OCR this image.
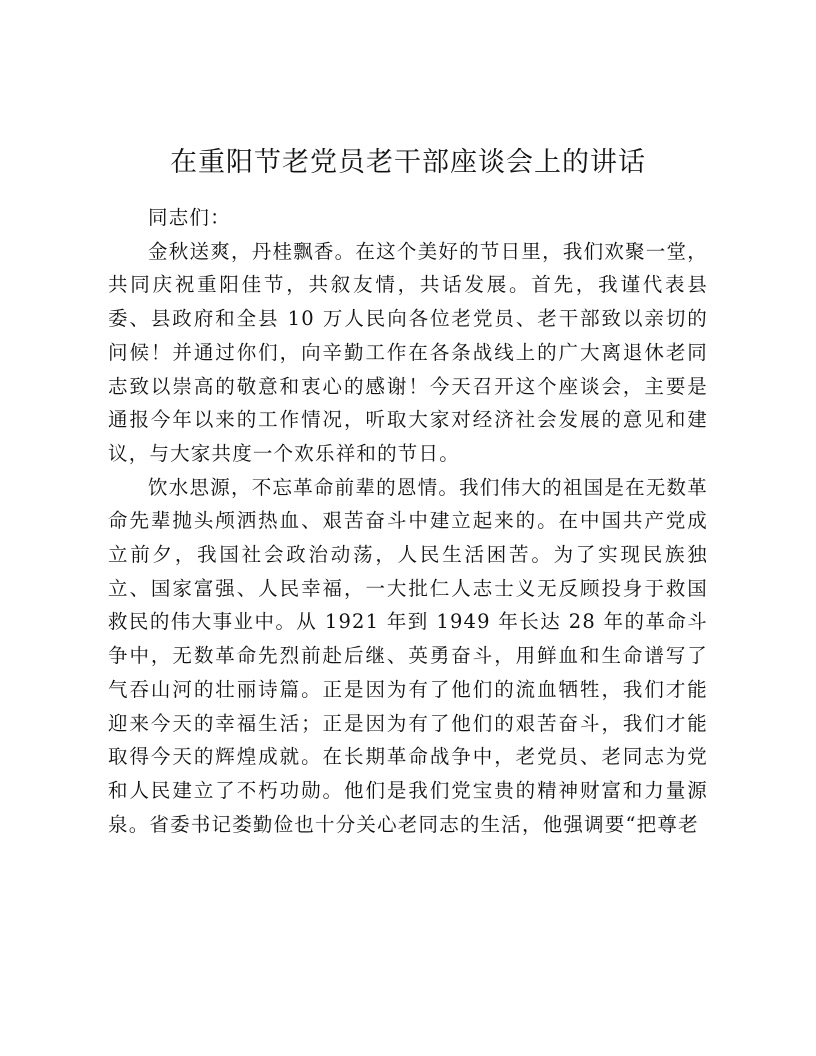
在重阳节老党员老干部座谈会上的讲话

同志们：

金秋送爽，丹桂飘香。在这个美好的节日里，我们欢聚一堂，共同庆祝重阳佳节，共叙友情，共话发展。首先，我谨代表县委、县政府和全县 10 万人民向各位老党员、老干部致以亲切的问候！并通过你们，向辛勤工作在各条战线上的广大离退休老同志致以崇高的敬意和衷心的感谢！今天召开这个座谈会，主要是通报今年以来的工作情况，听取大家对经济社会发展的意见和建议，与大家共度一个欢乐祥和的节日。

饮水思源，不忘革命前辈的恩情。我们伟大的祖国是在无数革命先辈抛头颅洒热血、艰苦奋斗中建立起来的。在中国共产党成立前夕，我国社会政治动荡，人民生活困苦。为了实现民族独立、国家富强、人民幸福，一大批仁人志士义无反顾投身于救国救民的伟大事业中。从 1921 年到 1949 年长达 28 年的革命斗争中，无数革命先烈前赴后继、英勇奋斗，用鲜血和生命谱写了气吞山河的壮丽诗篇。正是因为有了他们的流血牺牲，我们才能迎来今天的幸福生活；正是因为有了他们的艰苦奋斗，我们才能取得今天的辉煌成就。在长期革命战争中，老党员、老同志为党和人民建立了不朽功勋。他们是我们党宝贵的精神财富和力量源泉。省委书记娄勤俭也十分关心老同志的生活，他强调要“把尊老
